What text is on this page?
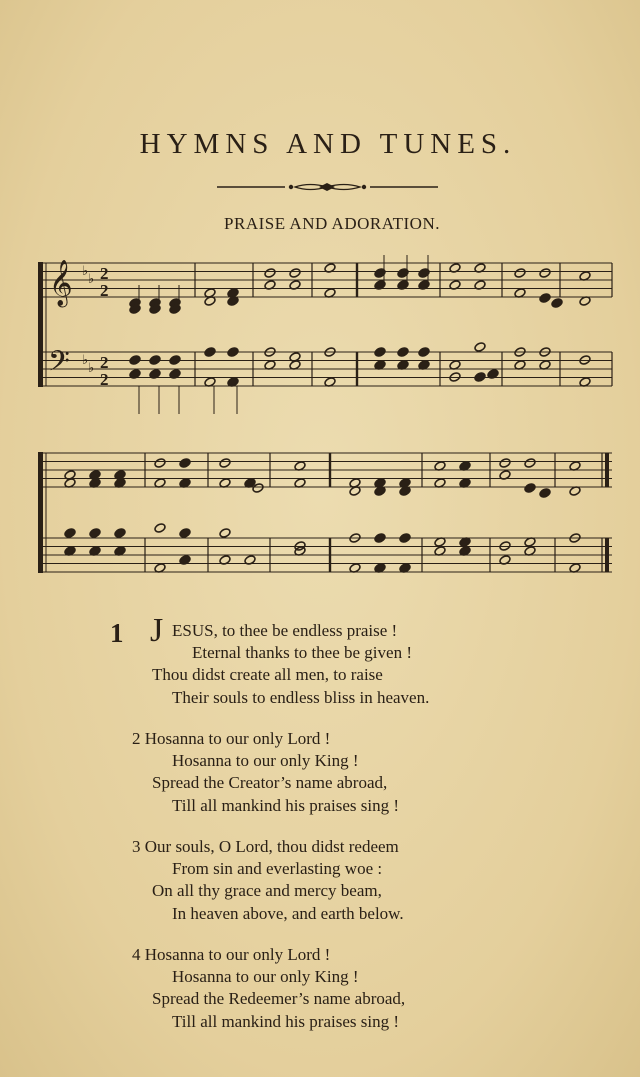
HYMNS AND TUNES.
PRAISE AND ADORATION.
𝄞
𝄢
♭
♭ 2
2
♭
♭ 2
2
1 J ESUS, to thee be endless praise !
Eternal thanks to thee be given !
Thou didst create all men, to raise
Their souls to endless bliss in heaven.
2 Hosanna to our only Lord !
Hosanna to our only King !
Spread the Creator’s name abroad,
Till all mankind his praises sing !
3 Our souls, O Lord, thou didst redeem
From sin and everlasting woe :
On all thy grace and mercy beam,
In heaven above, and earth below.
4 Hosanna to our only Lord !
Hosanna to our only King !
Spread the Redeemer’s name abroad,
Till all mankind his praises sing !
